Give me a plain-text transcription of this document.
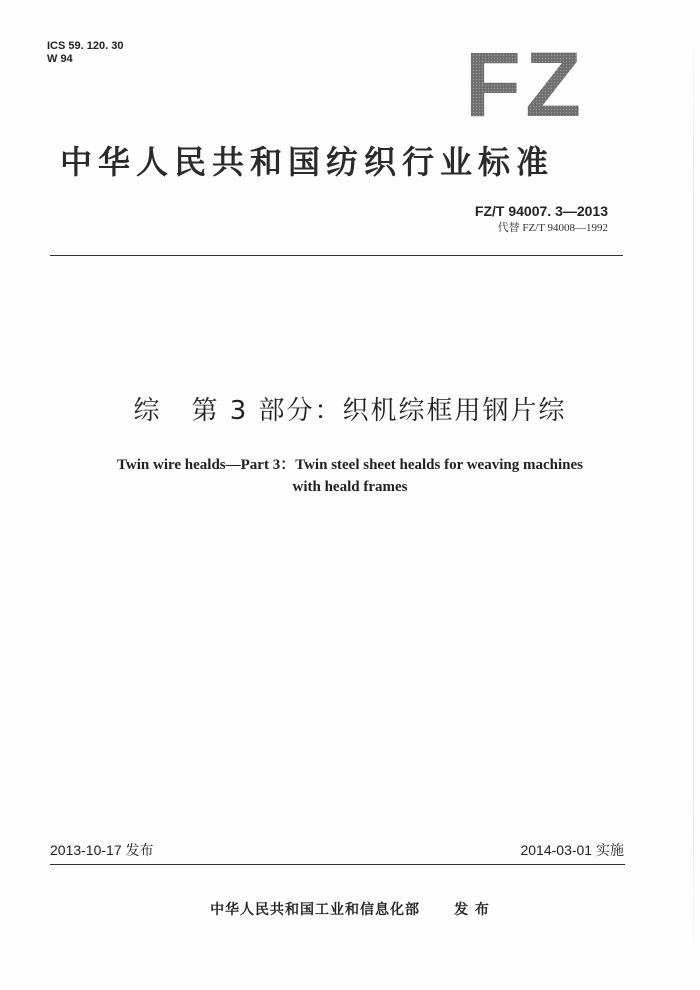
ICS 59. 120. 30
W 94	FZ
中华人民共和国纺织行业标准
FZ/T 94007. 3—2013
代替 FZ/T 94008—1992
综 第 3 部分：织机综框用钢片综
Twin wire healds—Part 3：Twin steel sheet healds for weaving machines
with heald frames
2013-10-17 发布	2014-03-01 实施
中华人民共和国工业和信息化部 发 布
